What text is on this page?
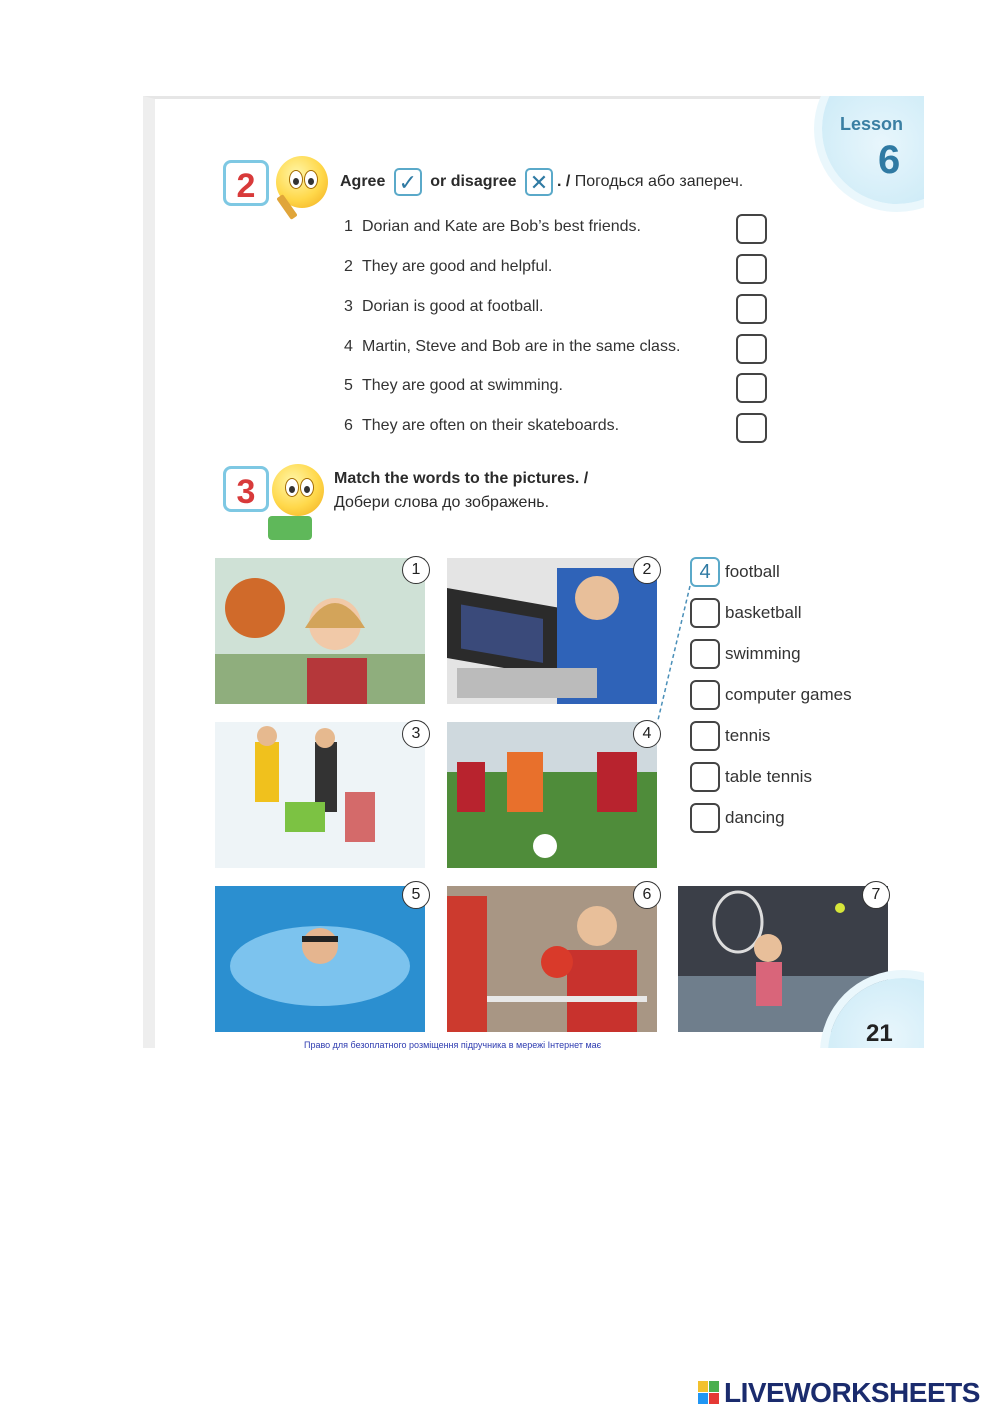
Lesson
6
2	Agree ✓ or disagree ✕ . / Погодься або запереч.
1 Dorian and Kate are Bob’s best friends.
2 They are good and helpful.
3 Dorian is good at football.
4 Martin, Steve and Bob are in the same class.
5 They are good at swimming.
6 They are often on their skateboards.
3	Match the words to the pictures. /
Добери слова до зображень.
1	2
3	4
5	6	7
4 football
basketball
swimming
computer games
tennis
table tennis
dancing
21
Право для безоплатного розміщення підручника в мережі Інтернет має
LIVEWORKSHEETS
